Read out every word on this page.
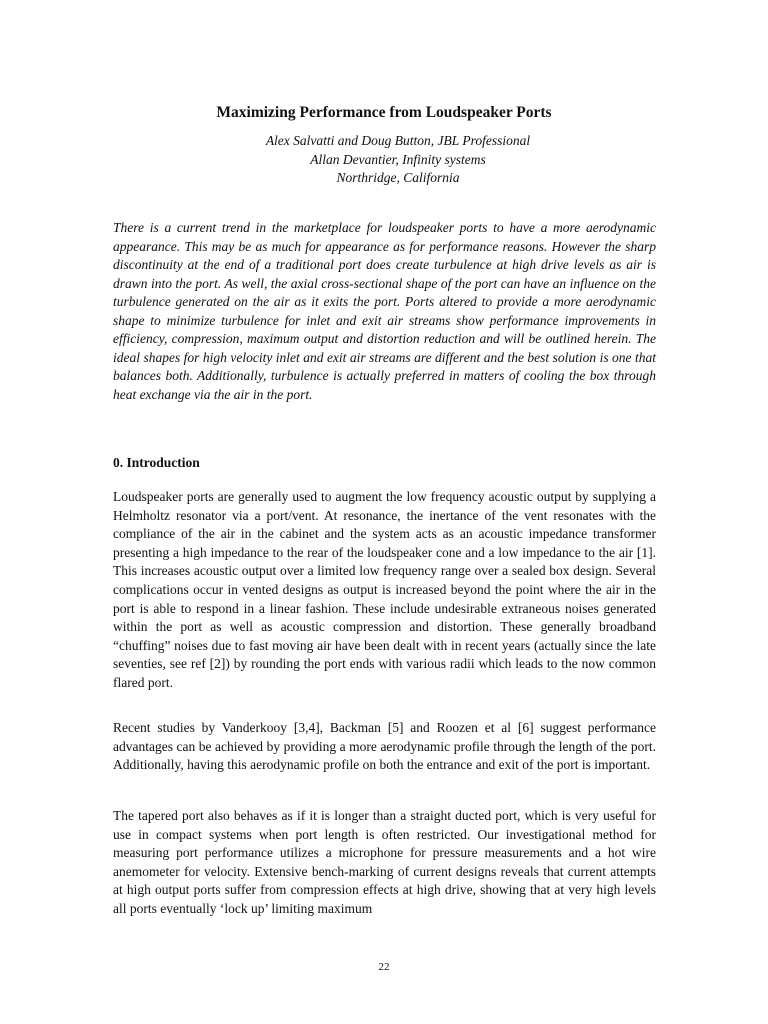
Maximizing Performance from Loudspeaker Ports
Alex Salvatti and Doug Button, JBL Professional
Allan Devantier, Infinity systems
Northridge, California

There is a current trend in the marketplace for loudspeaker ports to have a more aerodynamic appearance. This may be as much for appearance as for performance reasons. However the sharp discontinuity at the end of a traditional port does create turbulence at high drive levels as air is drawn into the port. As well, the axial cross-sectional shape of the port can have an influence on the turbulence generated on the air as it exits the port. Ports altered to provide a more aerodynamic shape to minimize turbulence for inlet and exit air streams show performance improvements in efficiency, compression, maximum output and distortion reduction and will be outlined herein. The ideal shapes for high velocity inlet and exit air streams are different and the best solution is one that balances both. Additionally, turbulence is actually preferred in matters of cooling the box through heat exchange via the air in the port.

0. Introduction

Loudspeaker ports are generally used to augment the low frequency acoustic output by supplying a Helmholtz resonator via a port/vent. At resonance, the inertance of the vent resonates with the compliance of the air in the cabinet and the system acts as an acoustic impedance transformer presenting a high impedance to the rear of the loudspeaker cone and a low impedance to the air [1]. This increases acoustic output over a limited low frequency range over a sealed box design. Several complications occur in vented designs as output is increased beyond the point where the air in the port is able to respond in a linear fashion. These include undesirable extraneous noises generated within the port as well as acoustic compression and distortion. These generally broadband “chuffing” noises due to fast moving air have been dealt with in recent years (actually since the late seventies, see ref [2]) by rounding the port ends with various radii which leads to the now common flared port.

Recent studies by Vanderkooy [3,4], Backman [5] and Roozen et al [6] suggest performance advantages can be achieved by providing a more aerodynamic profile through the length of the port. Additionally, having this aerodynamic profile on both the entrance and exit of the port is important.

The tapered port also behaves as if it is longer than a straight ducted port, which is very useful for use in compact systems when port length is often restricted. Our investigational method for measuring port performance utilizes a microphone for pressure measurements and a hot wire anemometer for velocity. Extensive bench-marking of current designs reveals that current attempts at high output ports suffer from compression effects at high drive, showing that at very high levels all ports eventually ‘lock up’ limiting maximum

22
